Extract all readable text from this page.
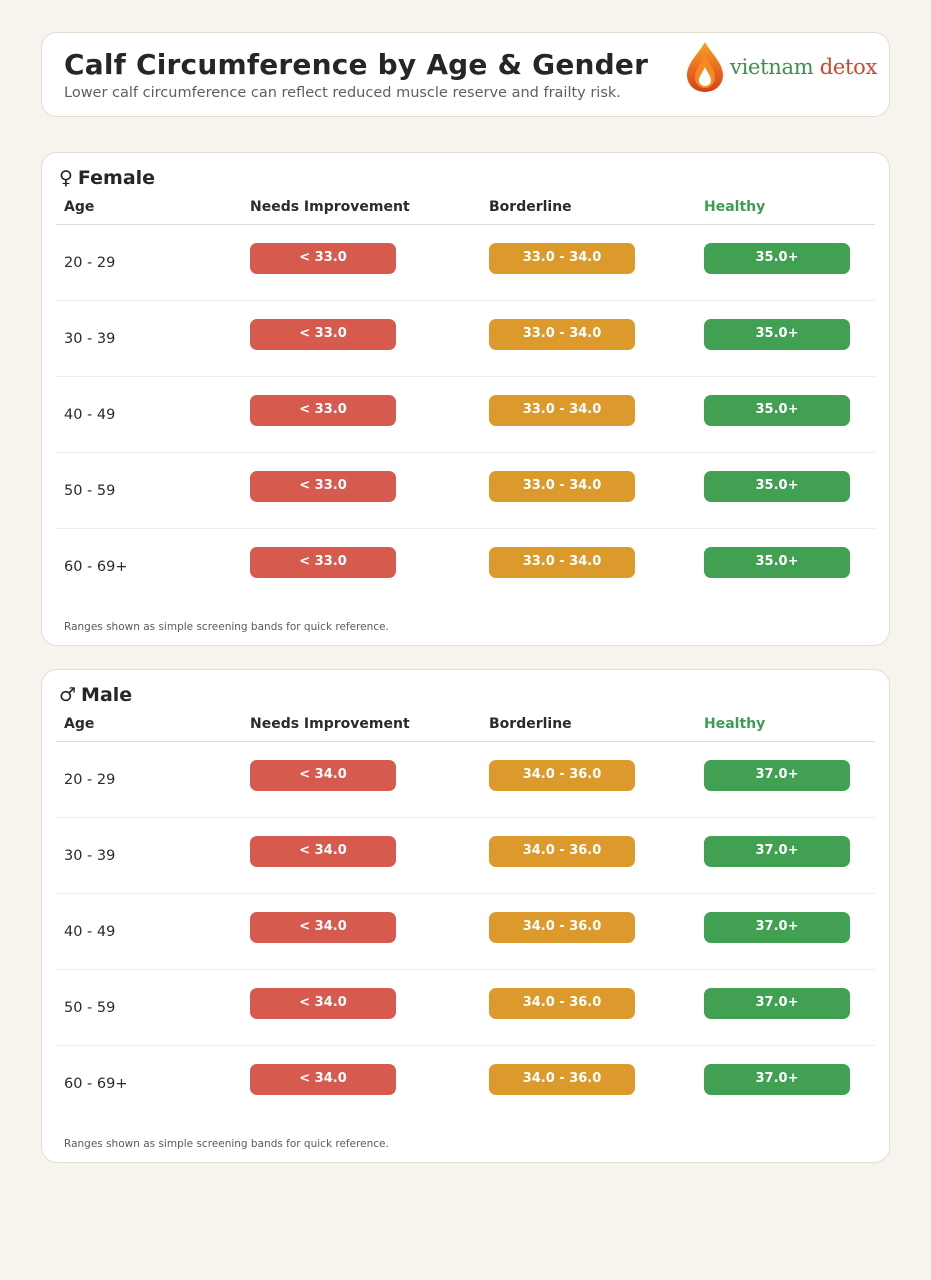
Calf Circumference by Age & Gender
Lower calf circumference can reflect reduced muscle reserve and frailty risk.
vietnam detox
♀ Female
Age	Needs Improvement	Borderline	Healthy
20 - 29	< 33.0	33.0 - 34.0	35.0+
30 - 39	< 33.0	33.0 - 34.0	35.0+
40 - 49	< 33.0	33.0 - 34.0	35.0+
50 - 59	< 33.0	33.0 - 34.0	35.0+
60 - 69+	< 33.0	33.0 - 34.0	35.0+
Ranges shown as simple screening bands for quick reference.
♂ Male
Age	Needs Improvement	Borderline	Healthy
20 - 29	< 34.0	34.0 - 36.0	37.0+
30 - 39	< 34.0	34.0 - 36.0	37.0+
40 - 49	< 34.0	34.0 - 36.0	37.0+
50 - 59	< 34.0	34.0 - 36.0	37.0+
60 - 69+	< 34.0	34.0 - 36.0	37.0+
Ranges shown as simple screening bands for quick reference.
